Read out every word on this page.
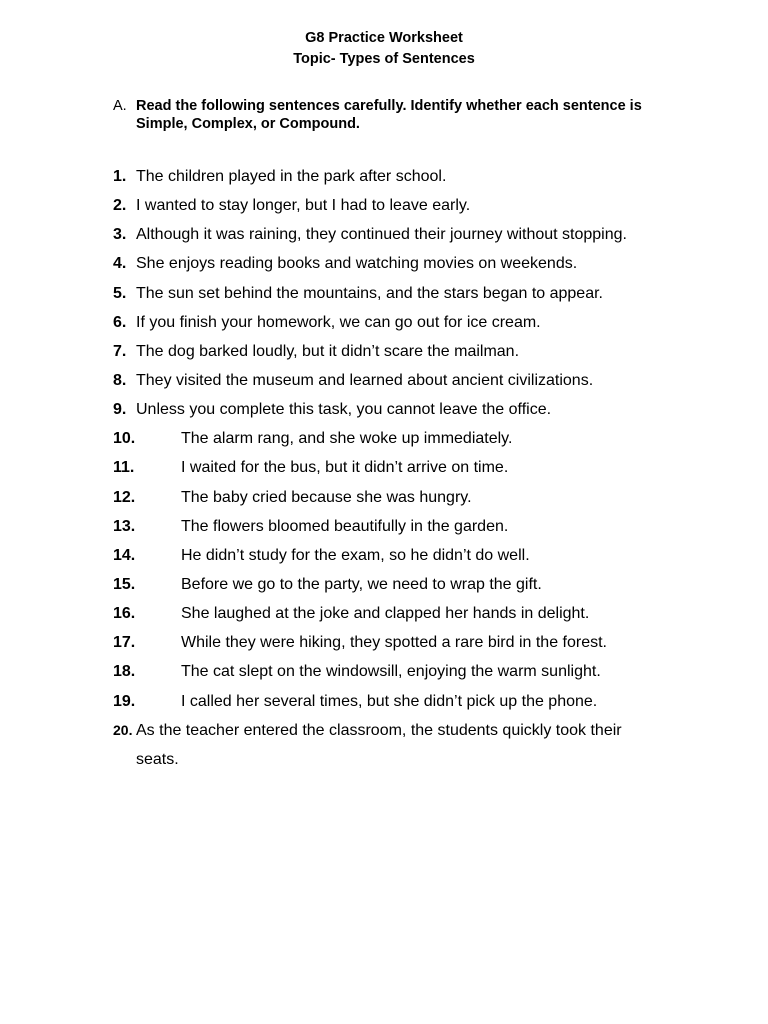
G8 Practice Worksheet
Topic- Types of Sentences
A. Read the following sentences carefully. Identify whether each sentence is Simple, Complex, or Compound.
1. The children played in the park after school.
2. I wanted to stay longer, but I had to leave early.
3. Although it was raining, they continued their journey without stopping.
4. She enjoys reading books and watching movies on weekends.
5. The sun set behind the mountains, and the stars began to appear.
6. If you finish your homework, we can go out for ice cream.
7. The dog barked loudly, but it didn’t scare the mailman.
8. They visited the museum and learned about ancient civilizations.
9. Unless you complete this task, you cannot leave the office.
10.	The alarm rang, and she woke up immediately.
11.	I waited for the bus, but it didn’t arrive on time.
12.	The baby cried because she was hungry.
13.	The flowers bloomed beautifully in the garden.
14.	He didn’t study for the exam, so he didn’t do well.
15.	Before we go to the party, we need to wrap the gift.
16.	She laughed at the joke and clapped her hands in delight.
17.	While they were hiking, they spotted a rare bird in the forest.
18.	The cat slept on the windowsill, enjoying the warm sunlight.
19.	I called her several times, but she didn’t pick up the phone.
20. As the teacher entered the classroom, the students quickly took their seats.
